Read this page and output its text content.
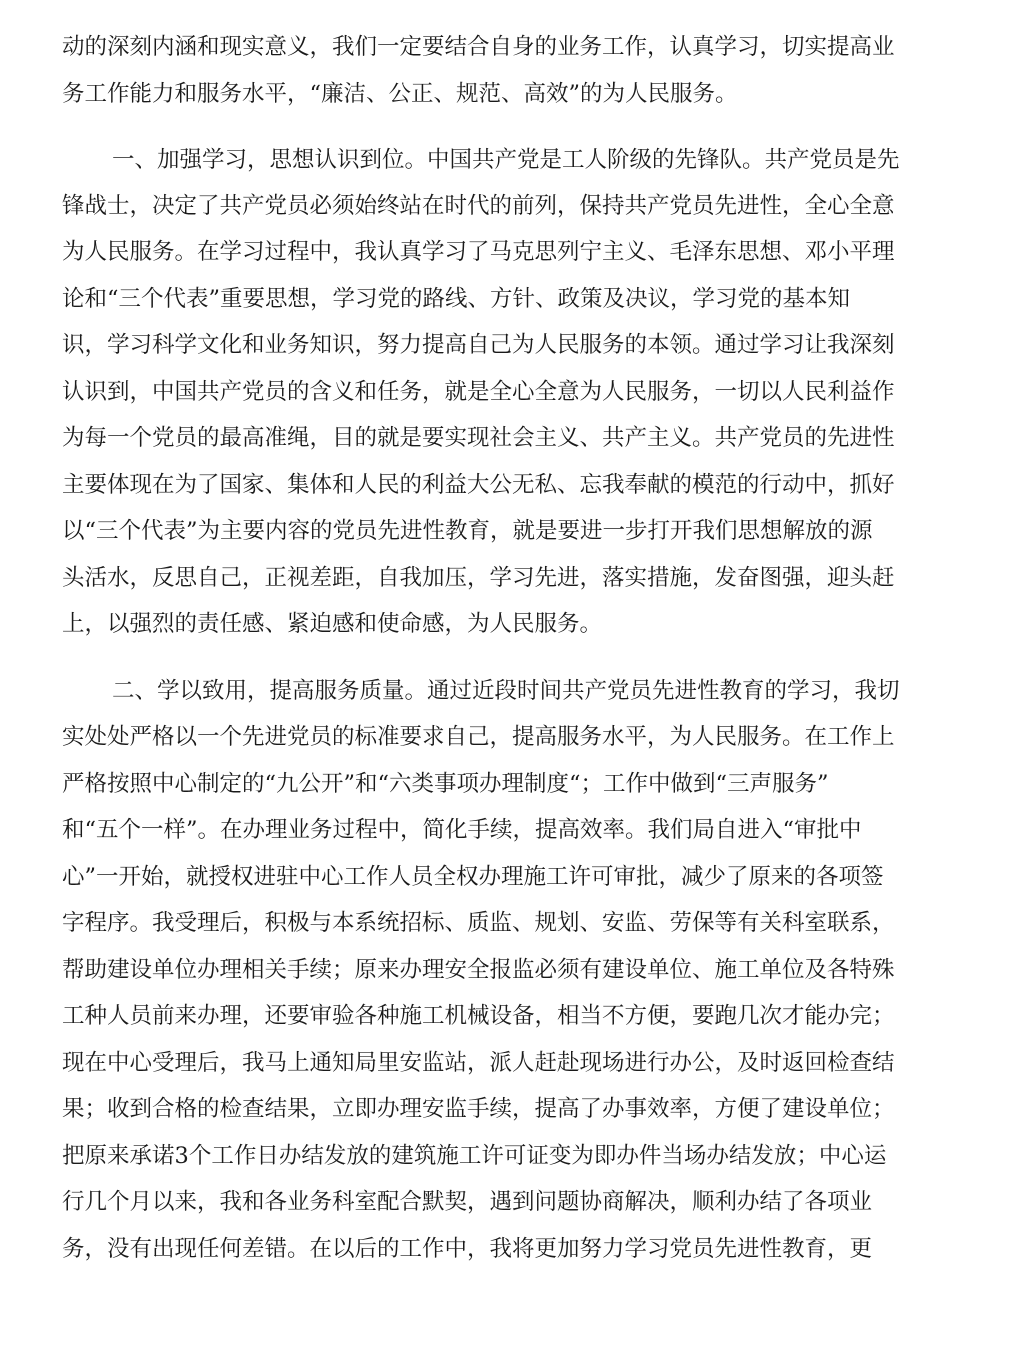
动的深刻内涵和现实意义，我们一定要结合自身的业务工作，认真学习，切实提高业
务工作能力和服务水平，“廉洁、公正、规范、高效”的为人民服务。
一、加强学习，思想认识到位。中国共产党是工人阶级的先锋队。共产党员是先
锋战士，决定了共产党员必须始终站在时代的前列，保持共产党员先进性，全心全意
为人民服务。在学习过程中，我认真学习了马克思列宁主义、毛泽东思想、邓小平理
论和“三个代表”重要思想，学习党的路线、方针、政策及决议，学习党的基本知
识，学习科学文化和业务知识，努力提高自己为人民服务的本领。通过学习让我深刻
认识到，中国共产党员的含义和任务，就是全心全意为人民服务，一切以人民利益作
为每一个党员的最高准绳，目的就是要实现社会主义、共产主义。共产党员的先进性
主要体现在为了国家、集体和人民的利益大公无私、忘我奉献的模范的行动中，抓好
以“三个代表”为主要内容的党员先进性教育，就是要进一步打开我们思想解放的源
头活水，反思自己，正视差距，自我加压，学习先进，落实措施，发奋图强，迎头赶
上，以强烈的责任感、紧迫感和使命感，为人民服务。
二、学以致用，提高服务质量。通过近段时间共产党员先进性教育的学习，我切
实处处严格以一个先进党员的标准要求自己，提高服务水平，为人民服务。在工作上
严格按照中心制定的“九公开”和“六类事项办理制度“；工作中做到“三声服务”
和“五个一样”。在办理业务过程中，简化手续，提高效率。我们局自进入“审批中
心”一开始，就授权进驻中心工作人员全权办理施工许可审批，减少了原来的各项签
字程序。我受理后，积极与本系统招标、质监、规划、安监、劳保等有关科室联系，
帮助建设单位办理相关手续；原来办理安全报监必须有建设单位、施工单位及各特殊
工种人员前来办理，还要审验各种施工机械设备，相当不方便，要跑几次才能办完；
现在中心受理后，我马上通知局里安监站，派人赶赴现场进行办公，及时返回检查结
果；收到合格的检查结果，立即办理安监手续，提高了办事效率，方便了建设单位；
把原来承诺3个工作日办结发放的建筑施工许可证变为即办件当场办结发放；中心运
行几个月以来，我和各业务科室配合默契，遇到问题协商解决，顺利办结了各项业
务，没有出现任何差错。在以后的工作中，我将更加努力学习党员先进性教育，更
